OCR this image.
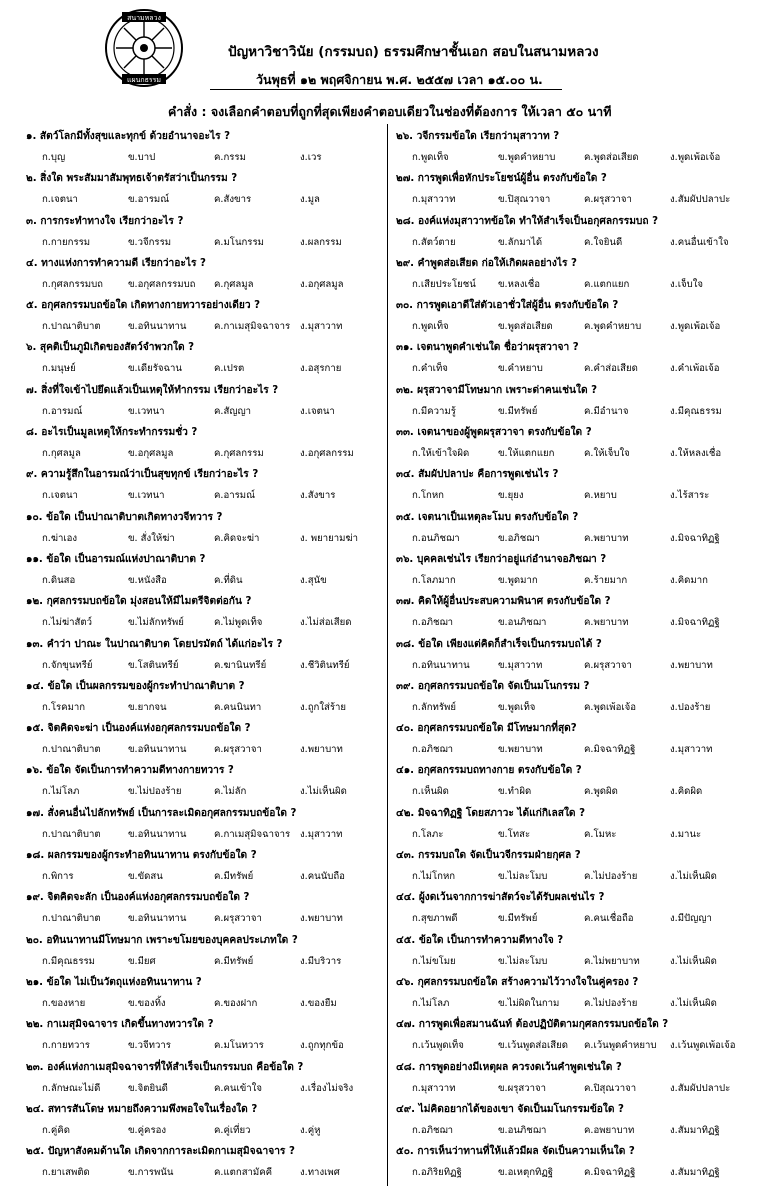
สนามหลวง
แผนกธรรม
ปัญหาวิชาวินัย (กรรมบถ) ธรรมศึกษาชั้นเอก สอบในสนามหลวง
วันพุธที่ ๑๒ พฤศจิกายน พ.ศ. ๒๕๕๗ เวลา ๑๕.๐๐ น.
คำสั่ง : จงเลือกคำตอบที่ถูกที่สุดเพียงคำตอบเดียวในช่องที่ต้องการ ให้เวลา ๕๐ นาที
๑. สัตว์โลกมีทั้งสุขและทุกข์ ด้วยอำนาจอะไร ?
ก.บุญ	ข.บาป	ค.กรรม	ง.เวร
๒. สิ่งใด พระสัมมาสัมพุทธเจ้าตรัสว่าเป็นกรรม ?
ก.เจตนา	ข.อารมณ์	ค.สังขาร	ง.มูล
๓. การกระทำทางใจ เรียกว่าอะไร ?
ก.กายกรรม	ข.วจีกรรม	ค.มโนกรรม	ง.ผลกรรม
๔. ทางแห่งการทำความดี เรียกว่าอะไร ?
ก.กุศลกรรมบถ	ข.อกุศลกรรมบถ ค.กุศลมูล	ง.อกุศลมูล
๕. อกุศลกรรมบถข้อใด เกิดทางกายทวารอย่างเดียว ?
ก.ปาณาติบาต	ข.อทินนาทาน	ค.กาเมสุมิจฉาจาร ง.มุสาวาท
๖. สุคติเป็นภูมิเกิดของสัตว์จำพวกใด ?
ก.มนุษย์	ข.เดียรัจฉาน	ค.เปรต	ง.อสุรกาย
๗. สิ่งที่ใจเข้าไปยึดแล้วเป็นเหตุให้ทำกรรม เรียกว่าอะไร ?
ก.อารมณ์	ข.เวทนา	ค.สัญญา	ง.เจตนา
๘. อะไรเป็นมูลเหตุให้กระทำกรรมชั่ว ?
ก.กุศลมูล	ข.อกุศลมูล	ค.กุศลกรรม	ง.อกุศลกรรม
๙. ความรู้สึกในอารมณ์ว่าเป็นสุขทุกข์ เรียกว่าอะไร ?
ก.เจตนา	ข.เวทนา	ค.อารมณ์	ง.สังขาร
๑๐. ข้อใด เป็นปาณาติบาตเกิดทางวจีทวาร ?
ก.ฆ่าเอง	ข. สั่งให้ฆ่า	ค.คิดจะฆ่า	ง. พยายามฆ่า
๑๑. ข้อใด เป็นอารมณ์แห่งปาณาติบาต ?
ก.ดินสอ	ข.หนังสือ	ค.ที่ดิน	ง.สุนัข
๑๒. กุศลกรรมบถข้อใด มุ่งสอนให้มีไมตรีจิตต่อกัน ?
ก.ไม่ฆ่าสัตว์	ข.ไม่ลักทรัพย์	ค.ไม่พูดเท็จ	ง.ไม่ส่อเสียด
๑๓. คำว่า ปาณะ ในปาณาติบาต โดยปรมัตถ์ ได้แก่อะไร ?
ก.จักขุนทรีย์	ข.โสตินทรีย์	ค.ฆานินทรีย์	ง.ชีวิตินทรีย์
๑๔. ข้อใด เป็นผลกรรมของผู้กระทำปาณาติบาต ?
ก.โรคมาก	ข.ยากจน	ค.คนนินทา	ง.ถูกใส่ร้าย
๑๕. จิตคิดจะฆ่า เป็นองค์แห่งอกุศลกรรมบถข้อใด ?
ก.ปาณาติบาต	ข.อทินนาทาน	ค.ผรุสวาจา	ง.พยาบาท
๑๖. ข้อใด จัดเป็นการทำความดีทางกายทวาร ?
ก.ไม่โลภ	ข.ไม่ปองร้าย	ค.ไม่ลัก	ง.ไม่เห็นผิด
๑๗. สั่งคนอื่นไปลักทรัพย์ เป็นการละเมิดอกุศลกรรมบถข้อใด ?
ก.ปาณาติบาต	ข.อทินนาทาน	ค.กาเมสุมิจฉาจาร ง.มุสาวาท
๑๘. ผลกรรมของผู้กระทำอทินนาทาน ตรงกับข้อใด ?
ก.พิการ	ข.ขัดสน	ค.มีทรัพย์	ง.คนนับถือ
๑๙. จิตคิดจะลัก เป็นองค์แห่งอกุศลกรรมบถข้อใด ?
ก.ปาณาติบาต	ข.อทินนาทาน	ค.ผรุสวาจา	ง.พยาบาท
๒๐. อทินนาทานมีโทษมาก เพราะขโมยของบุคคลประเภทใด ?
ก.มีคุณธรรม	ข.มียศ	ค.มีทรัพย์	ง.มีบริวาร
๒๑. ข้อใด ไม่เป็นวัตถุแห่งอทินนาทาน ?
ก.ของหาย	ข.ของทิ้ง	ค.ของฝาก	ง.ของยืม
๒๒. กาเมสุมิจฉาจาร เกิดขึ้นทางทวารใด ?
ก.กายทวาร	ข.วจีทวาร	ค.มโนทวาร	ง.ถูกทุกข้อ
๒๓. องค์แห่งกาเมสุมิจฉาจารที่ให้สำเร็จเป็นกรรมบถ คือข้อใด ?
ก.ลักษณะไม่ดี	ข.จิตยินดี	ค.คนเข้าใจ	ง.เรื่องไม่จริง
๒๔. สทารสันโดษ หมายถึงความพึงพอใจในเรื่องใด ?
ก.คู่คิด	ข.คู่ครอง	ค.คู่เที่ยว	ง.คู่หู
๒๕. ปัญหาสังคมด้านใด เกิดจากการละเมิดกาเมสุมิจฉาจาร ?
ก.ยาเสพติด	ข.การพนัน	ค.แตกสามัคคี	ง.ทางเพศ
๒๖. วจีกรรมข้อใด เรียกว่ามุสาวาท ?
ก.พูดเท็จ	ข.พูดคำหยาบ	ค.พูดส่อเสียด	ง.พูดเพ้อเจ้อ
๒๗. การพูดเพื่อหักประโยชน์ผู้อื่น ตรงกับข้อใด ?
ก.มุสาวาท	ข.ปิสุณวาจา	ค.ผรุสวาจา	ง.สัมผัปปลาปะ
๒๘. องค์แห่งมุสาวาทข้อใด ทำให้สำเร็จเป็นอกุศลกรรมบถ ?
ก.สัตว์ตาย	ข.ลักมาได้	ค.ใจยินดี	ง.คนอื่นเข้าใจ
๒๙. คำพูดส่อเสียด ก่อให้เกิดผลอย่างไร ?
ก.เสียประโยชน์ ข.หลงเชื่อ	ค.แตกแยก	ง.เจ็บใจ
๓๐. การพูดเอาดีใส่ตัวเอาชั่วใส่ผู้อื่น ตรงกับข้อใด ?
ก.พูดเท็จ	ข.พูดส่อเสียด	ค.พูดคำหยาบ	ง.พูดเพ้อเจ้อ
๓๑. เจตนาพูดคำเช่นใด ชื่อว่าผรุสวาจา ?
ก.คำเท็จ	ข.คำหยาบ	ค.คำส่อเสียด	ง.คำเพ้อเจ้อ
๓๒. ผรุสวาจามีโทษมาก เพราะด่าคนเช่นใด ?
ก.มีความรู้	ข.มีทรัพย์	ค.มีอำนาจ	ง.มีคุณธรรม
๓๓. เจตนาของผู้พูดผรุสวาจา ตรงกับข้อใด ?
ก.ให้เข้าใจผิด	ข.ให้แตกแยก	ค.ให้เจ็บใจ	ง.ให้หลงเชื่อ
๓๔. สัมผัปปลาปะ คือการพูดเช่นไร ?
ก.โกหก	ข.ยุยง	ค.หยาบ	ง.ไร้สาระ
๓๕. เจตนาเป็นเหตุละโมบ ตรงกับข้อใด ?
ก.อนภิชฌา	ข.อภิชฌา	ค.พยาบาท	ง.มิจฉาทิฏฐิ
๓๖. บุคคลเช่นไร เรียกว่าอยู่แก่อำนาจอภิชฌา ?
ก.โลภมาก	ข.พูดมาก	ค.ร้ายมาก	ง.คิดมาก
๓๗. คิดให้ผู้อื่นประสบความพินาศ ตรงกับข้อใด ?
ก.อภิชฌา	ข.อนภิชฌา	ค.พยาบาท	ง.มิจฉาทิฏฐิ
๓๘. ข้อใด เพียงแต่คิดก็สำเร็จเป็นกรรมบถได้ ?
ก.อทินนาทาน	ข.มุสาวาท	ค.ผรุสวาจา	ง.พยาบาท
๓๙. อกุศลกรรมบถข้อใด จัดเป็นมโนกรรม ?
ก.ลักทรัพย์	ข.พูดเท็จ	ค.พูดเพ้อเจ้อ	ง.ปองร้าย
๔๐. อกุศลกรรมบถข้อใด มีโทษมากที่สุด?
ก.อภิชฌา	ข.พยาบาท	ค.มิจฉาทิฏฐิ	ง.มุสาวาท
๔๑. อกุศลกรรมบถทางกาย ตรงกับข้อใด ?
ก.เห็นผิด	ข.ทำผิด	ค.พูดผิด	ง.คิดผิด
๔๒. มิจฉาทิฏฐิ โดยสภาวะ ได้แก่กิเลสใด ?
ก.โลภะ	ข.โทสะ	ค.โมหะ	ง.มานะ
๔๓. กรรมบถใด จัดเป็นวจีกรรมฝ่ายกุศล ?
ก.ไม่โกหก	ข.ไม่ละโมบ	ค.ไม่ปองร้าย	ง.ไม่เห็นผิด
๔๔. ผู้งดเว้นจากการฆ่าสัตว์จะได้รับผลเช่นไร ?
ก.สุขภาพดี	ข.มีทรัพย์	ค.คนเชื่อถือ	ง.มีปัญญา
๔๕. ข้อใด เป็นการทำความดีทางใจ ?
ก.ไม่ขโมย	ข.ไม่ละโมบ	ค.ไม่พยาบาท	ง.ไม่เห็นผิด
๔๖. กุศลกรรมบถข้อใด สร้างความไว้วางใจในคู่ครอง ?
ก.ไม่โลภ	ข.ไม่ผิดในกาม	ค.ไม่ปองร้าย	ง.ไม่เห็นผิด
๔๗. การพูดเพื่อสมานฉันท์ ต้องปฏิบัติตามกุศลกรรมบถข้อใด ?
ก.เว้นพูดเท็จ	ข.เว้นพูดส่อเสียด ค.เว้นพูดคำหยาบ ง.เว้นพูดเพ้อเจ้อ
๔๘. การพูดอย่างมีเหตุผล ควรงดเว้นคำพูดเช่นใด ?
ก.มุสาวาท	ข.ผรุสวาจา	ค.ปิสุณวาจา	ง.สัมผัปปลาปะ
๔๙. ไม่คิดอยากได้ของเขา จัดเป็นมโนกรรมข้อใด ?
ก.อภิชฌา	ข.อนภิชฌา	ค.อพยาบาท	ง.สัมมาทิฏฐิ
๕๐. การเห็นว่าทานที่ให้แล้วมีผล จัดเป็นความเห็นใด ?
ก.อภิริยทิฏฐิ	ข.อเหตุกทิฏฐิ	ค.มิจฉาทิฏฐิ	ง.สัมมาทิฏฐิ
